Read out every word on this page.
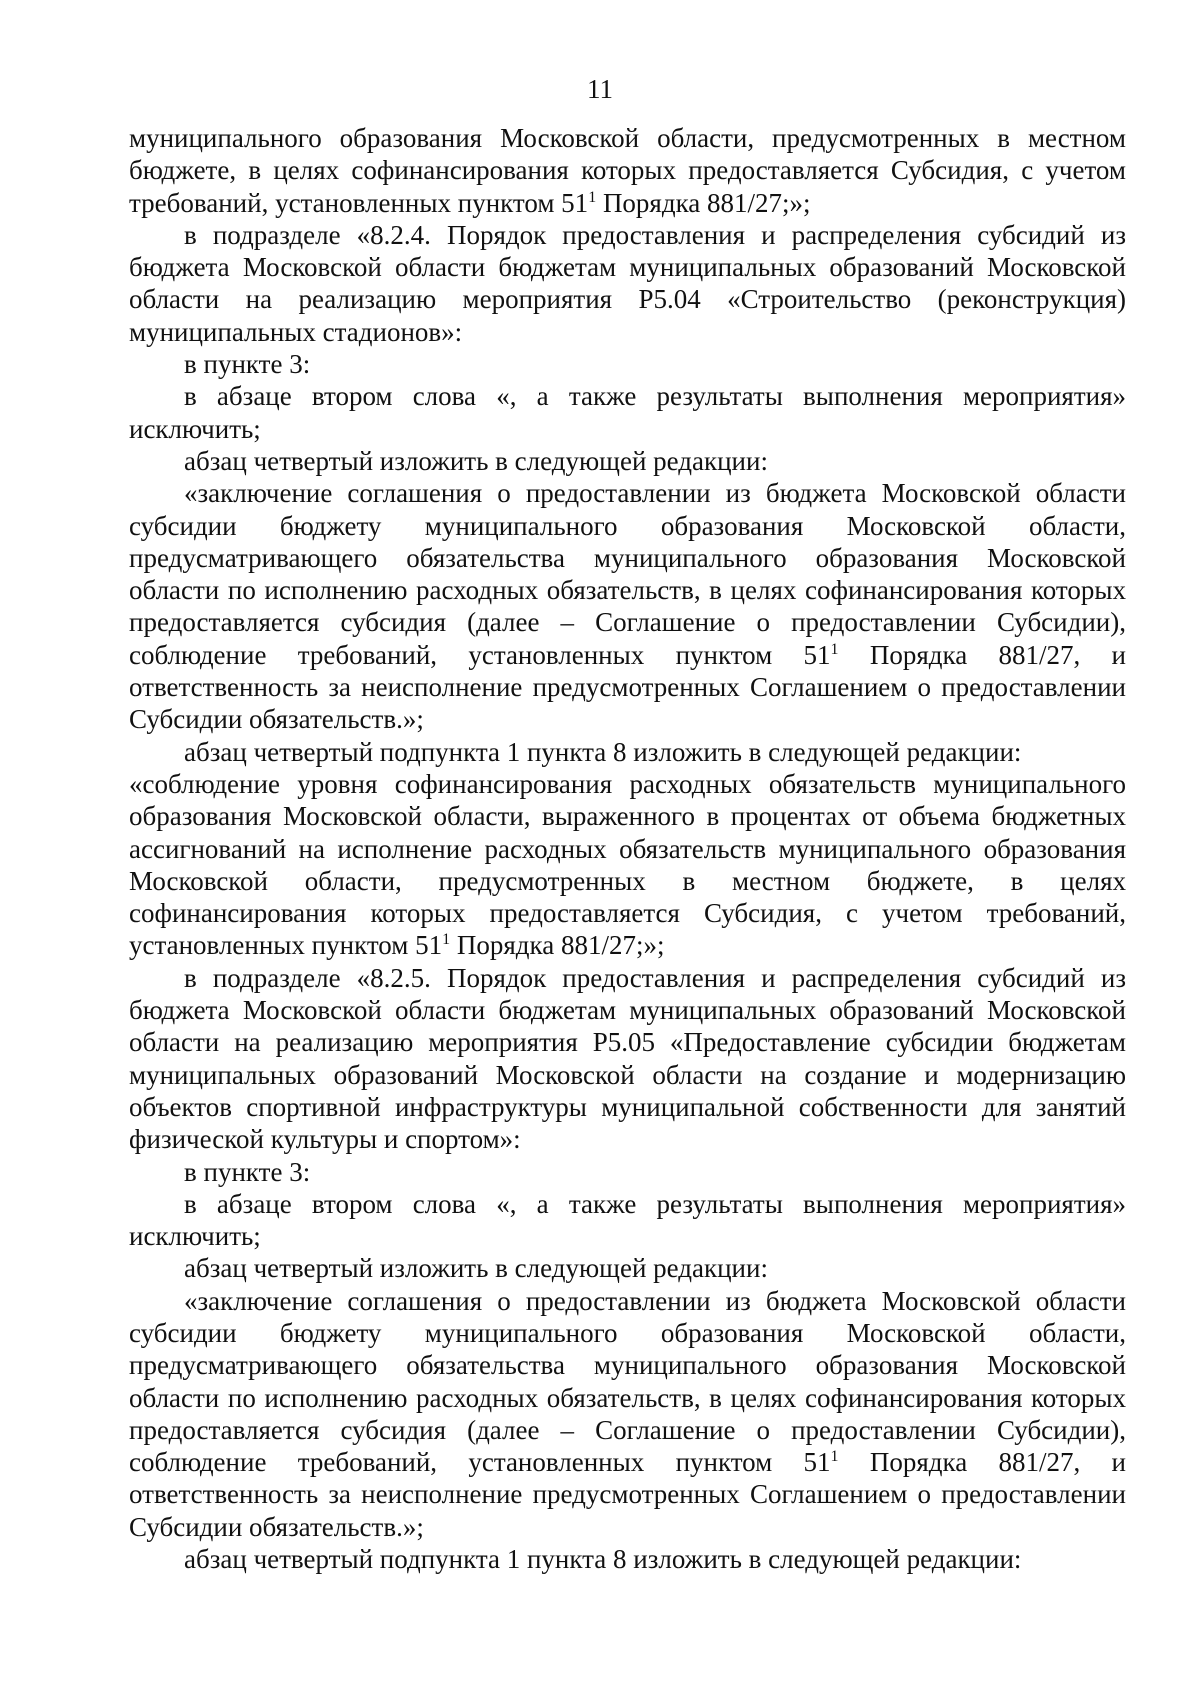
11

муниципального образования Московской области, предусмотренных в местном бюджете, в целях софинансирования которых предоставляется Субсидия, с учетом требований, установленных пунктом $51^1$ Порядка 881/27;»;

в подразделе «8.2.4. Порядок предоставления и распределения субсидий из бюджета Московской области бюджетам муниципальных образований Московской области на реализацию мероприятия Р5.04 «Строительство (реконструкция) муниципальных стадионов»:

в пункте 3:

в абзаце втором слова «, а также результаты выполнения мероприятия» исключить;

абзац четвертый изложить в следующей редакции:

«заключение соглашения о предоставлении из бюджета Московской области субсидии бюджету муниципального образования Московской области, предусматривающего обязательства муниципального образования Московской области по исполнению расходных обязательств, в целях софинансирования которых предоставляется субсидия (далее – Соглашение о предоставлении Субсидии), соблюдение требований, установленных пунктом $51^1$ Порядка 881/27, и ответственность за неисполнение предусмотренных Соглашением о предоставлении Субсидии обязательств.»;

абзац четвертый подпункта 1 пункта 8 изложить в следующей редакции:

«соблюдение уровня софинансирования расходных обязательств муниципального образования Московской области, выраженного в процентах от объема бюджетных ассигнований на исполнение расходных обязательств муниципального образования Московской области, предусмотренных в местном бюджете, в целях софинансирования которых предоставляется Субсидия, с учетом требований, установленных пунктом $51^1$ Порядка 881/27;»;

в подразделе «8.2.5. Порядок предоставления и распределения субсидий из бюджета Московской области бюджетам муниципальных образований Московской области на реализацию мероприятия Р5.05 «Предоставление субсидии бюджетам муниципальных образований Московской области на создание и модернизацию объектов спортивной инфраструктуры муниципальной собственности для занятий физической культуры и спортом»:

в пункте 3:

в абзаце втором слова «, а также результаты выполнения мероприятия» исключить;

абзац четвертый изложить в следующей редакции:

«заключение соглашения о предоставлении из бюджета Московской области субсидии бюджету муниципального образования Московской области, предусматривающего обязательства муниципального образования Московской области по исполнению расходных обязательств, в целях софинансирования которых предоставляется субсидия (далее – Соглашение о предоставлении Субсидии), соблюдение требований, установленных пунктом $51^1$ Порядка 881/27, и ответственность за неисполнение предусмотренных Соглашением о предоставлении Субсидии обязательств.»;

абзац четвертый подпункта 1 пункта 8 изложить в следующей редакции:
